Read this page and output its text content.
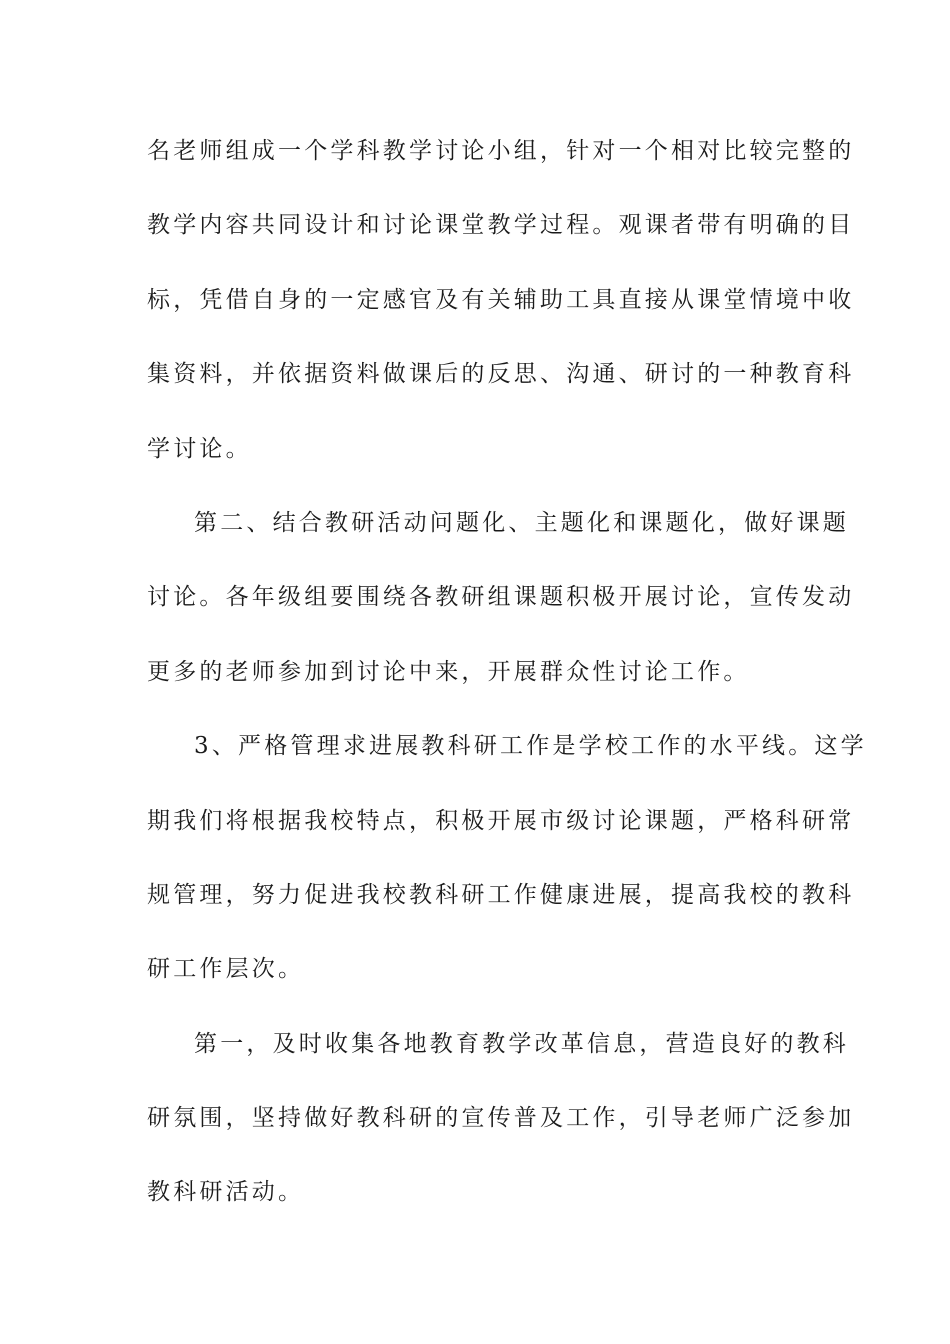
名老师组成一个学科教学讨论小组，针对一个相对比较完整的
教学内容共同设计和讨论课堂教学过程。观课者带有明确的目
标，凭借自身的一定感官及有关辅助工具直接从课堂情境中收
集资料，并依据资料做课后的反思、沟通、研讨的一种教育科
学讨论。
第二、结合教研活动问题化、主题化和课题化，做好课题
讨论。各年级组要围绕各教研组课题积极开展讨论，宣传发动
更多的老师参加到讨论中来，开展群众性讨论工作。
3、严格管理求进展教科研工作是学校工作的水平线。这学
期我们将根据我校特点，积极开展市级讨论课题，严格科研常
规管理，努力促进我校教科研工作健康进展，提高我校的教科
研工作层次。
第一，及时收集各地教育教学改革信息，营造良好的教科
研氛围，坚持做好教科研的宣传普及工作，引导老师广泛参加
教科研活动。
